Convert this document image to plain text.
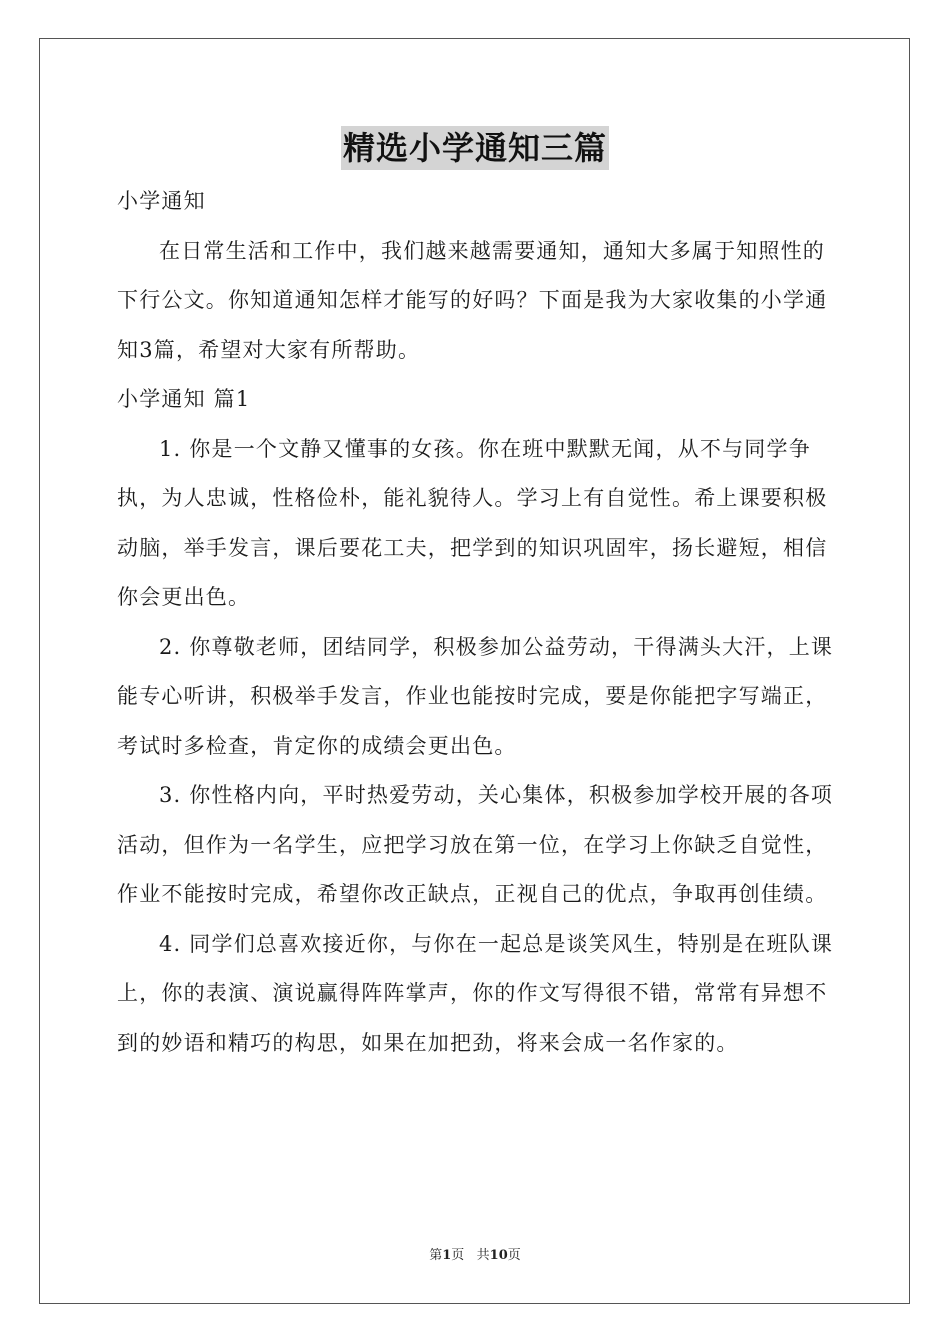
精选小学通知三篇

小学通知

在日常生活和工作中，我们越来越需要通知，通知大多属于知照性的下行公文。你知道通知怎样才能写的好吗？下面是我为大家收集的小学通知3篇，希望对大家有所帮助。

小学通知 篇1

1. 你是一个文静又懂事的女孩。你在班中默默无闻，从不与同学争执，为人忠诚，性格俭朴，能礼貌待人。学习上有自觉性。希上课要积极动脑，举手发言，课后要花工夫，把学到的知识巩固牢，扬长避短，相信你会更出色。

2. 你尊敬老师，团结同学，积极参加公益劳动，干得满头大汗，上课能专心听讲，积极举手发言，作业也能按时完成，要是你能把字写端正，考试时多检查，肯定你的成绩会更出色。

3. 你性格内向，平时热爱劳动，关心集体，积极参加学校开展的各项活动，但作为一名学生，应把学习放在第一位，在学习上你缺乏自觉性，作业不能按时完成，希望你改正缺点，正视自己的优点，争取再创佳绩。

4. 同学们总喜欢接近你，与你在一起总是谈笑风生，特别是在班队课上，你的表演、演说赢得阵阵掌声，你的作文写得很不错，常常有异想不到的妙语和精巧的构思，如果在加把劲，将来会成一名作家的。

第1页   共10页
